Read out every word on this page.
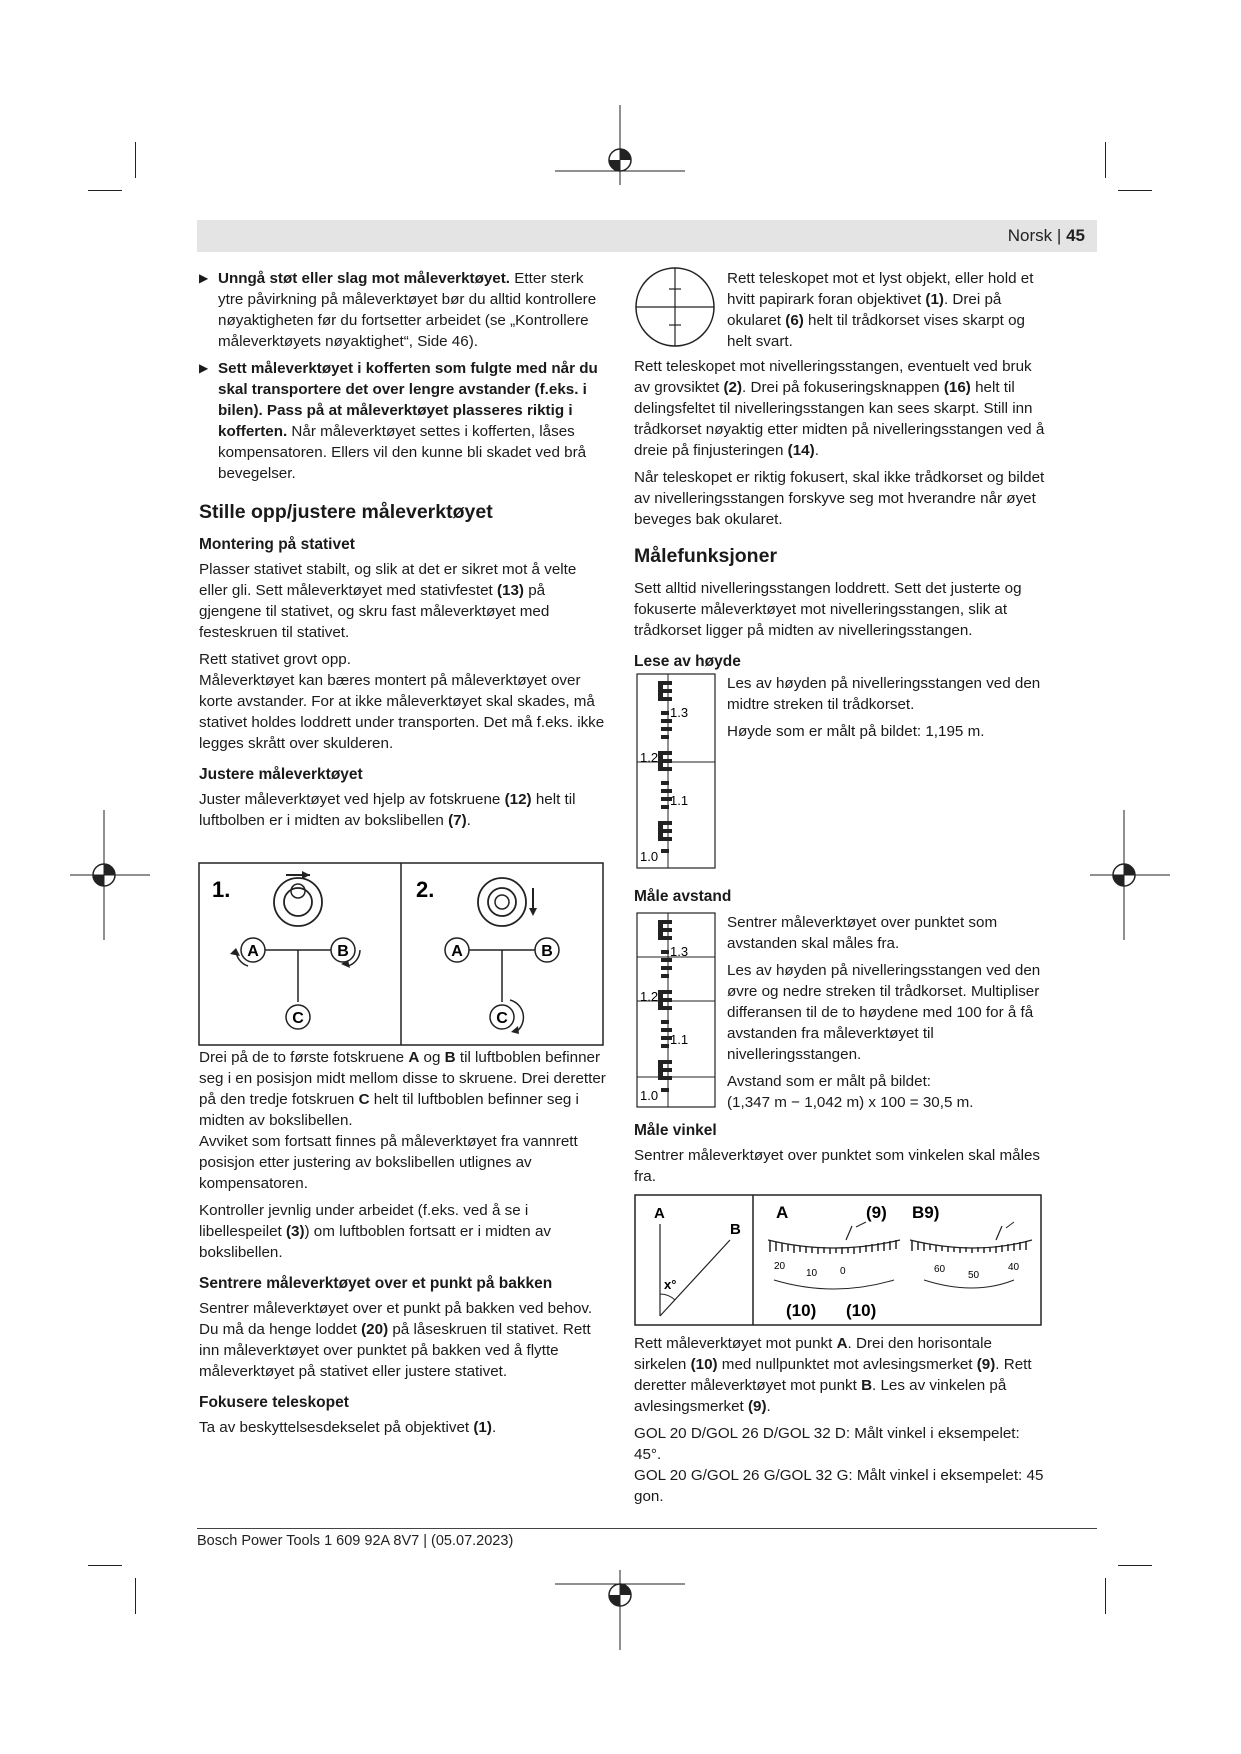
Norsk | 45
▶ Unngå støt eller slag mot måleverktøyet. Etter sterk ytre påvirkning på måleverktøyet bør du alltid kontrollere nøyaktigheten før du fortsetter arbeidet (se „Kontrollere måleverktøyets nøyaktighet“, Side 46).
▶ Sett måleverktøyet i kofferten som fulgte med når du skal transportere det over lengre avstander (f.eks. i bilen). Pass på at måleverktøyet plasseres riktig i kofferten. Når måleverktøyet settes i kofferten, låses kompensatoren. Ellers vil den kunne bli skadet ved brå bevegelser.
Stille opp/justere måleverktøyet
Montering på stativet

Plasser stativet stabilt, og slik at det er sikret mot å velte eller gli. Sett måleverktøyet med stativfestet (13) på gjengene til stativet, og skru fast måleverktøyet med festeskruen til stativet.

Rett stativet grovt opp.

Måleverktøyet kan bæres montert på måleverktøyet over korte avstander. For at ikke måleverktøyet skal skades, må stativet holdes loddrett under transporten. Det må f.eks. ikke legges skrått over skulderen.

Justere måleverktøyet

Juster måleverktøyet ved hjelp av fotskruene (12) helt til luftbolben er i midten av bokslibellen (7).

1.	2.
A	B
C
A	B
C

Drei på de to første fotskruene A og B til luftboblen befinner seg i en posisjon midt mellom disse to skruene. Drei deretter på den tredje fotskruen C helt til luftboblen befinner seg i midten av bokslibellen.

Avviket som fortsatt finnes på måleverktøyet fra vannrett posisjon etter justering av bokslibellen utlignes av kompensatoren.

Kontroller jevnlig under arbeidet (f.eks. ved å se i libellespeilet (3)) om luftboblen fortsatt er i midten av bokslibellen.

Sentrere måleverktøyet over et punkt på bakken

Sentrer måleverktøyet over et punkt på bakken ved behov. Du må da henge loddet (20) på låseskruen til stativet. Rett inn måleverktøyet over punktet på bakken ved å flytte måleverktøyet på stativet eller justere stativet.

Fokusere teleskopet

Ta av beskyttelsesdekselet på objektivet (1).

Rett teleskopet mot et lyst objekt, eller hold et hvitt papirark foran objektivet (1). Drei på okularet (6) helt til trådkorset vises skarpt og helt svart.

Rett teleskopet mot nivelleringsstangen, eventuelt ved bruk av grovsiktet (2). Drei på fokuseringsknappen (16) helt til delingsfeltet til nivelleringsstangen kan sees skarpt. Still inn trådkorset nøyaktig etter midten på nivelleringsstangen ved å dreie på finjusteringen (14).

Når teleskopet er riktig fokusert, skal ikke trådkorset og bildet av nivelleringsstangen forskyve seg mot hverandre når øyet beveges bak okularet.

Målefunksjoner

Sett alltid nivelleringsstangen loddrett. Sett det justerte og fokuserte måleverktøyet mot nivelleringsstangen, slik at trådkorset ligger på midten av nivelleringsstangen.

Lese av høyde
1.3
1.2
1.1
1.0

Les av høyden på nivelleringsstangen ved den midtre streken til trådkorset.

Høyde som er målt på bildet: 1,195 m.

Måle avstand
1.3
1.2
1.1
1.0

Sentrer måleverktøyet over punktet som avstanden skal måles fra.

Les av høyden på nivelleringsstangen ved den øvre og nedre streken til trådkorset. Multipliser differansen til de to høydene med 100 for å få avstanden fra måleverktøyet til nivelleringsstangen.

Avstand som er målt på bildet:
(1,347 m − 1,042 m) x 100 = 30,5 m.

Måle vinkel

Sentrer måleverktøyet over punktet som vinkelen skal måles fra.

A
B
x°
A	(9) B9)
20
10 0	60
50
40
(10) (10)

Rett måleverktøyet mot punkt A. Drei den horisontale sirkelen (10) med nullpunktet mot avlesingsmerket (9). Rett deretter måleverktøyet mot punkt B. Les av vinkelen på avlesingsmerket (9).

GOL 20 D/GOL 26 D/GOL 32 D: Målt vinkel i eksempelet: 45°.

GOL 20 G/GOL 26 G/GOL 32 G: Målt vinkel i eksempelet: 45 gon.

Bosch Power Tools 1 609 92A 8V7 | (05.07.2023)
